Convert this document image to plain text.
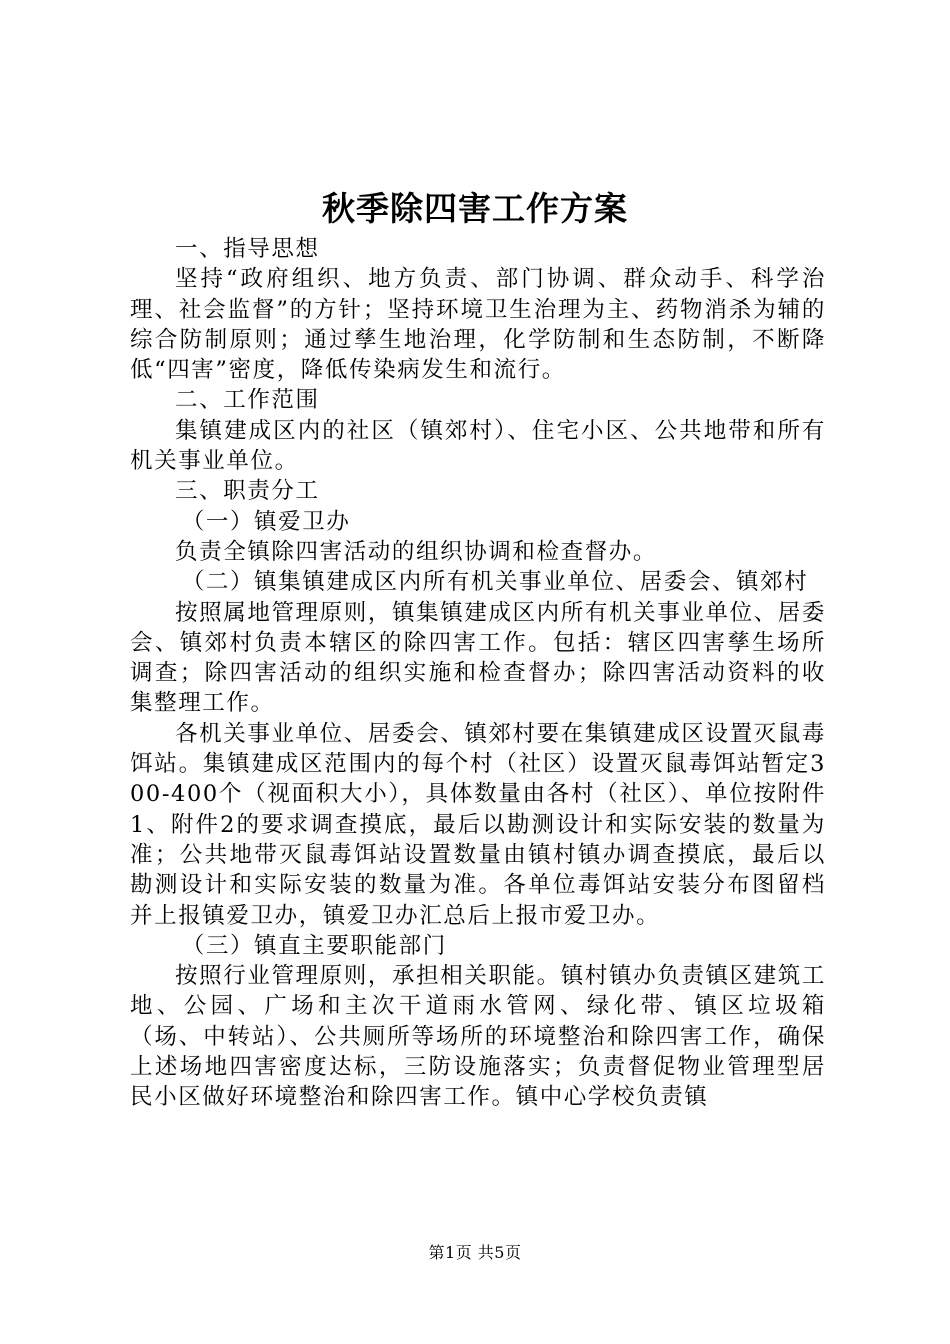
秋季除四害工作方案

一、指导思想

坚持“政府组织、地方负责、部门协调、群众动手、科学治理、社会监督”的方针；坚持环境卫生治理为主、药物消杀为辅的综合防制原则；通过孳生地治理，化学防制和生态防制，不断降低“四害”密度，降低传染病发生和流行。

二、工作范围

集镇建成区内的社区（镇郊村）、住宅小区、公共地带和所有机关事业单位。

三、职责分工

（一）镇爱卫办

负责全镇除四害活动的组织协调和检查督办。

（二）镇集镇建成区内所有机关事业单位、居委会、镇郊村

按照属地管理原则，镇集镇建成区内所有机关事业单位、居委会、镇郊村负责本辖区的除四害工作。包括：辖区四害孳生场所调查；除四害活动的组织实施和检查督办；除四害活动资料的收集整理工作。

各机关事业单位、居委会、镇郊村要在集镇建成区设置灭鼠毒饵站。集镇建成区范围内的每个村（社区）设置灭鼠毒饵站暂定300-400个（视面积大小），具体数量由各村（社区）、单位按附件1、附件2的要求调查摸底，最后以勘测设计和实际安装的数量为准；公共地带灭鼠毒饵站设置数量由镇村镇办调查摸底，最后以勘测设计和实际安装的数量为准。各单位毒饵站安装分布图留档并上报镇爱卫办，镇爱卫办汇总后上报市爱卫办。

（三）镇直主要职能部门

按照行业管理原则，承担相关职能。镇村镇办负责镇区建筑工地、公园、广场和主次干道雨水管网、绿化带、镇区垃圾箱（场、中转站）、公共厕所等场所的环境整治和除四害工作，确保上述场地四害密度达标，三防设施落实；负责督促物业管理型居民小区做好环境整治和除四害工作。镇中心学校负责镇

第1页 共5页
